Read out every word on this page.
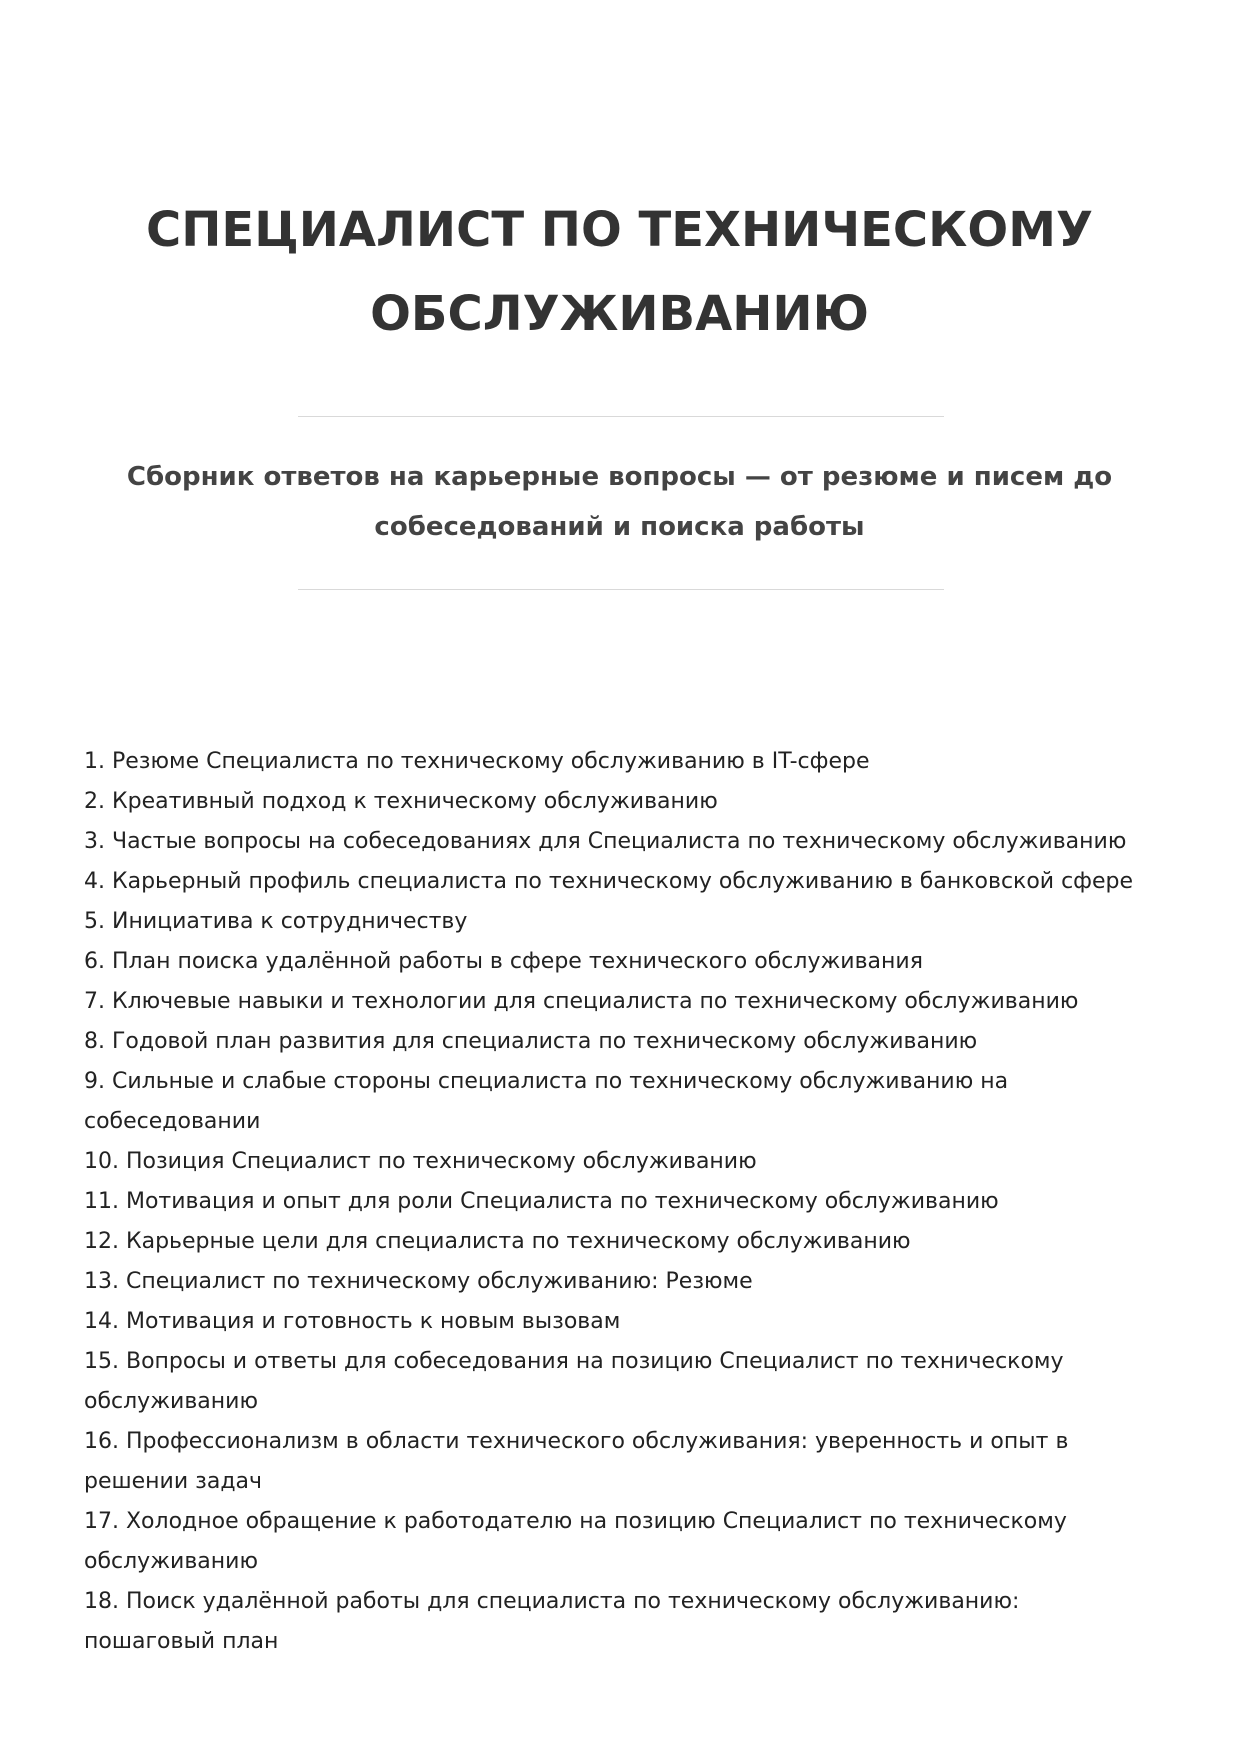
СПЕЦИАЛИСТ ПО ТЕХНИЧЕСКОМУ
ОБСЛУЖИВАНИЮ
Сборник ответов на карьерные вопросы — от резюме и писем до
собеседований и поиска работы
1. Резюме Специалиста по техническому обслуживанию в IT-сфере
2. Креативный подход к техническому обслуживанию
3. Частые вопросы на собеседованиях для Специалиста по техническому обслуживанию
4. Карьерный профиль специалиста по техническому обслуживанию в банковской сфере
5. Инициатива к сотрудничеству
6. План поиска удалённой работы в сфере технического обслуживания
7. Ключевые навыки и технологии для специалиста по техническому обслуживанию
8. Годовой план развития для специалиста по техническому обслуживанию
9. Сильные и слабые стороны специалиста по техническому обслуживанию на собеседовании
10. Позиция Специалист по техническому обслуживанию
11. Мотивация и опыт для роли Специалиста по техническому обслуживанию
12. Карьерные цели для специалиста по техническому обслуживанию
13. Специалист по техническому обслуживанию: Резюме
14. Мотивация и готовность к новым вызовам
15. Вопросы и ответы для собеседования на позицию Специалист по техническому обслуживанию
16. Профессионализм в области технического обслуживания: уверенность и опыт в решении задач
17. Холодное обращение к работодателю на позицию Специалист по техническому обслуживанию
18. Поиск удалённой работы для специалиста по техническому обслуживанию: пошаговый план
